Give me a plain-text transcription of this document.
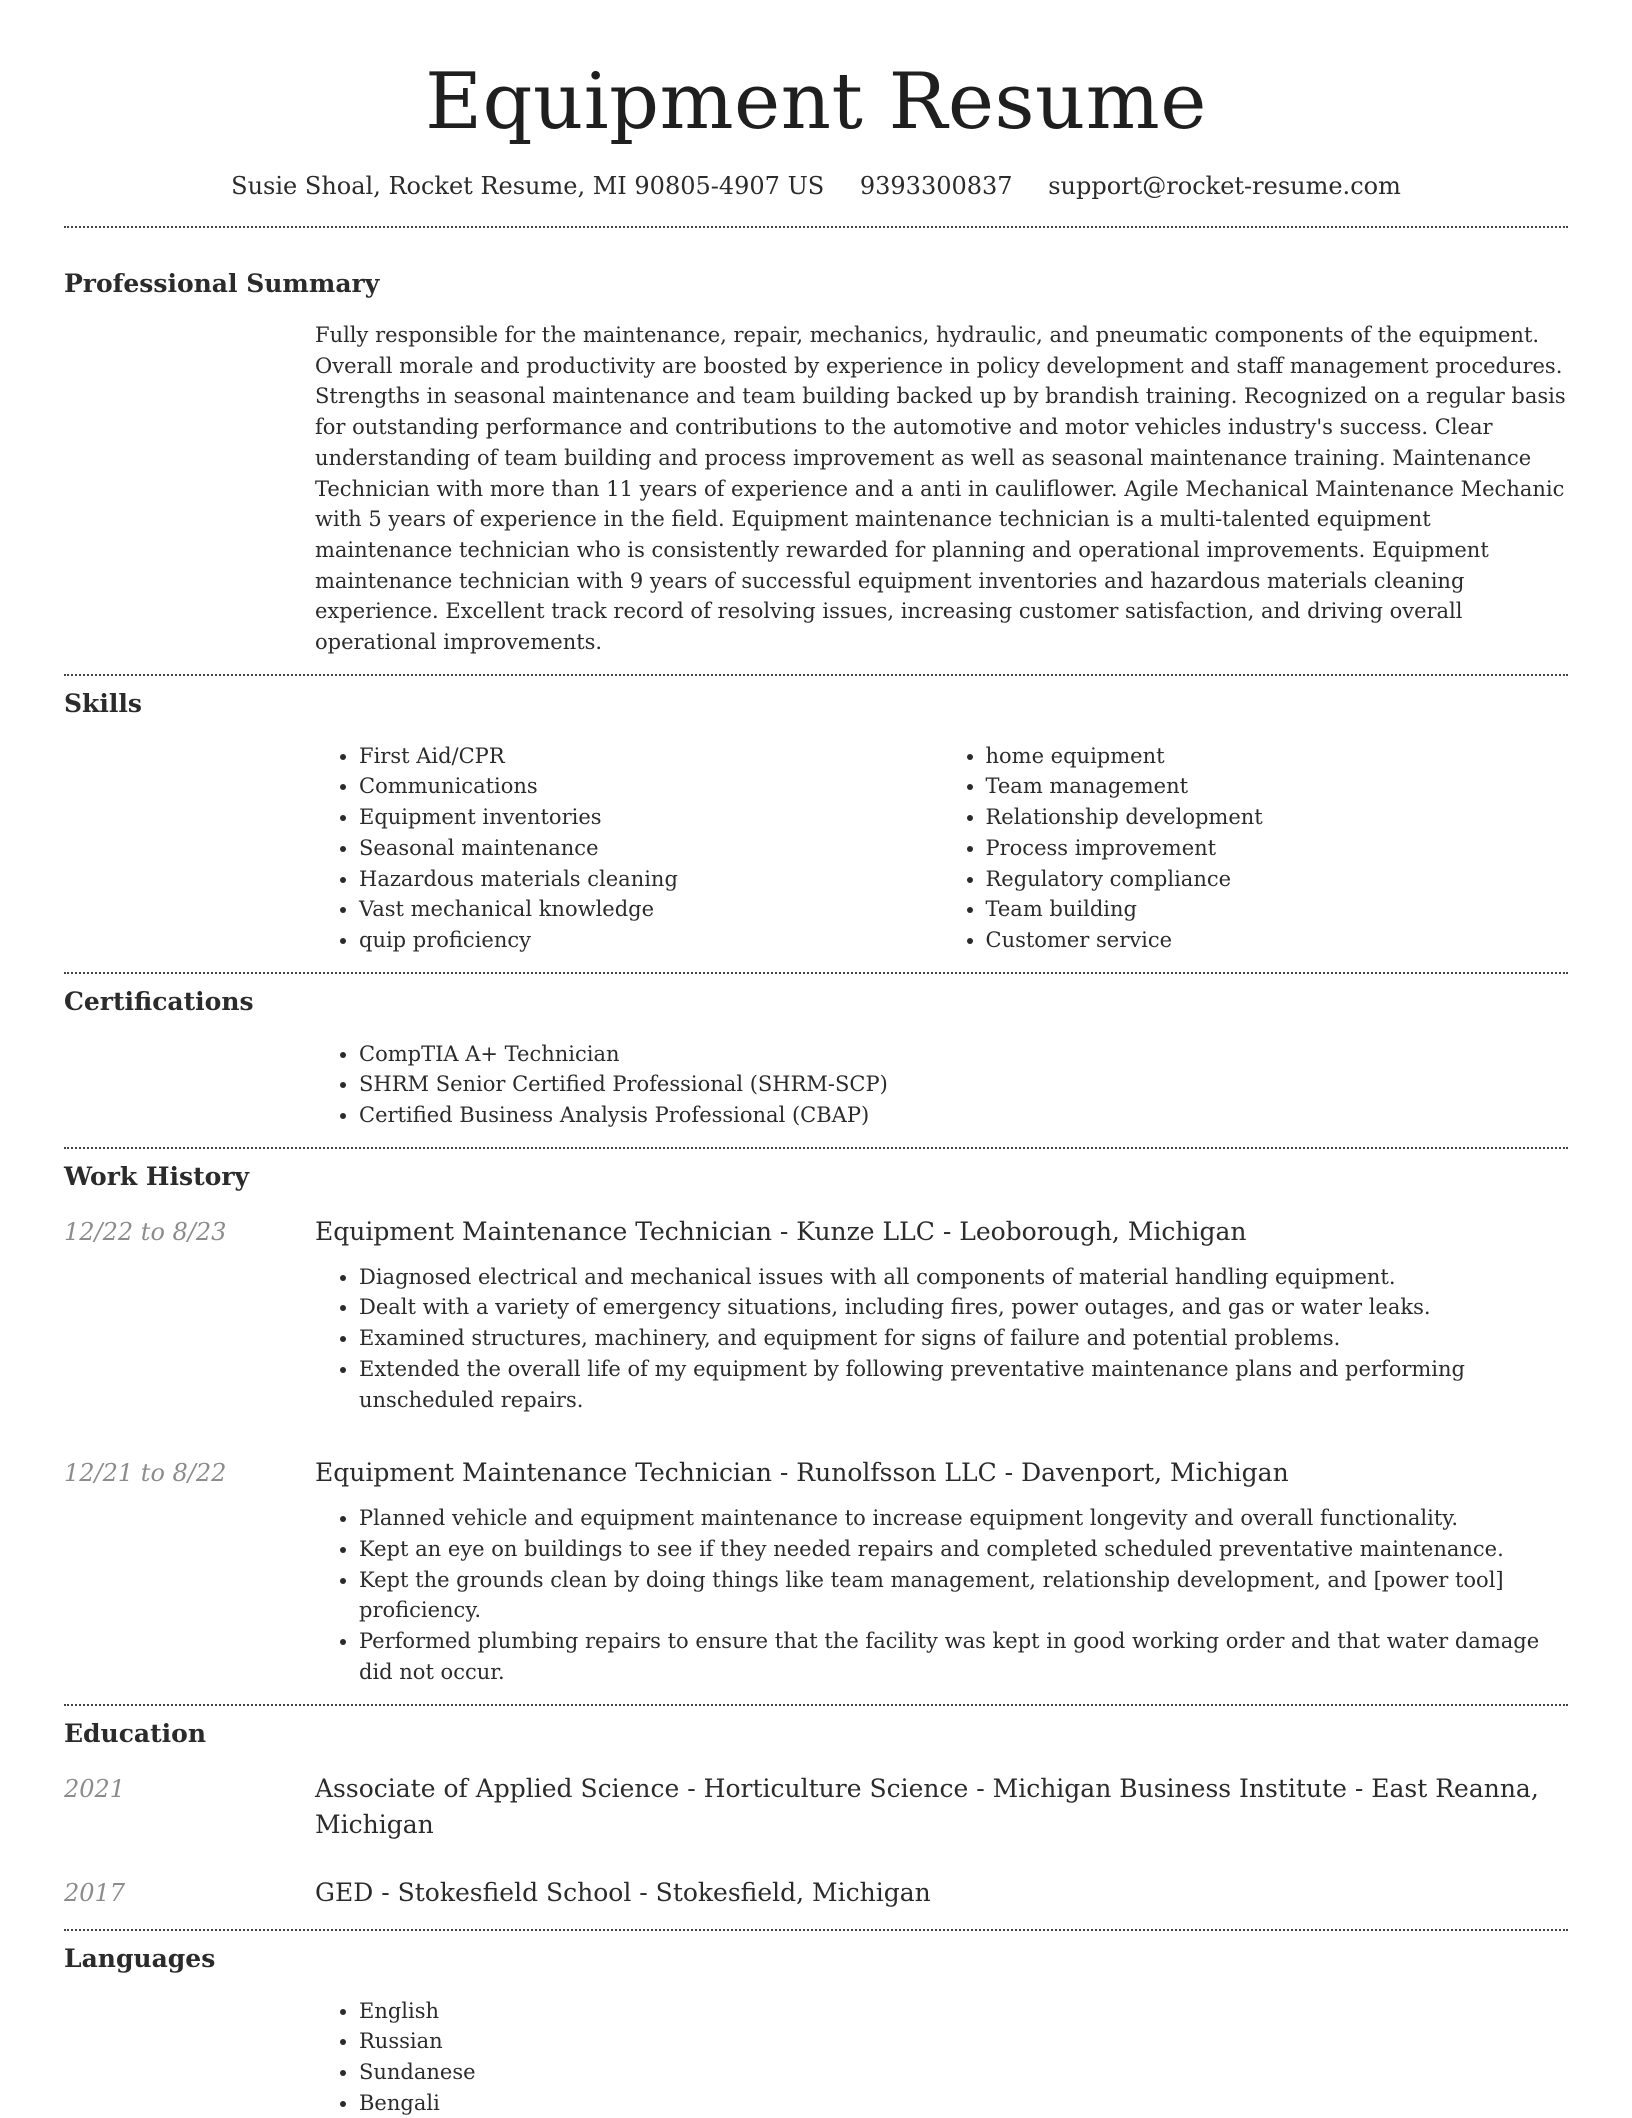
Equipment Resume
Susie Shoal, Rocket Resume, MI 90805-4907 US 9393300837 support@rocket-resume.com
Professional Summary
Fully responsible for the maintenance, repair, mechanics, hydraulic, and pneumatic components of the equipment. Overall morale and productivity are boosted by experience in policy development and staff management procedures. Strengths in seasonal maintenance and team building backed up by brandish training. Recognized on a regular basis for outstanding performance and contributions to the automotive and motor vehicles industry's success. Clear understanding of team building and process improvement as well as seasonal maintenance training. Maintenance Technician with more than 11 years of experience and a anti in cauliflower. Agile Mechanical Maintenance Mechanic with 5 years of experience in the field. Equipment maintenance technician is a multi-talented equipment maintenance technician who is consistently rewarded for planning and operational improvements. Equipment maintenance technician with 9 years of successful equipment inventories and hazardous materials cleaning experience. Excellent track record of resolving issues, increasing customer satisfaction, and driving overall operational improvements.
Skills
• First Aid/CPR
• Communications
• Equipment inventories
• Seasonal maintenance
• Hazardous materials cleaning
• Vast mechanical knowledge
• quip proficiency
• home equipment
• Team management
• Relationship development
• Process improvement
• Regulatory compliance
• Team building
• Customer service
Certifications
• CompTIA A+ Technician
• SHRM Senior Certified Professional (SHRM-SCP)
• Certified Business Analysis Professional (CBAP)
Work History
12/22 to 8/23	Equipment Maintenance Technician - Kunze LLC - Leoborough, Michigan
• Diagnosed electrical and mechanical issues with all components of material handling equipment.
• Dealt with a variety of emergency situations, including fires, power outages, and gas or water leaks.
• Examined structures, machinery, and equipment for signs of failure and potential problems.
• Extended the overall life of my equipment by following preventative maintenance plans and performing unscheduled repairs.
12/21 to 8/22	Equipment Maintenance Technician - Runolfsson LLC - Davenport, Michigan
• Planned vehicle and equipment maintenance to increase equipment longevity and overall functionality.
• Kept an eye on buildings to see if they needed repairs and completed scheduled preventative maintenance.
• Kept the grounds clean by doing things like team management, relationship development, and [power tool] proficiency.
• Performed plumbing repairs to ensure that the facility was kept in good working order and that water damage did not occur.
Education
2021	Associate of Applied Science - Horticulture Science - Michigan Business Institute - East Reanna, Michigan
2017	GED - Stokesfield School - Stokesfield, Michigan
Languages
• English
• Russian
• Sundanese
• Bengali
